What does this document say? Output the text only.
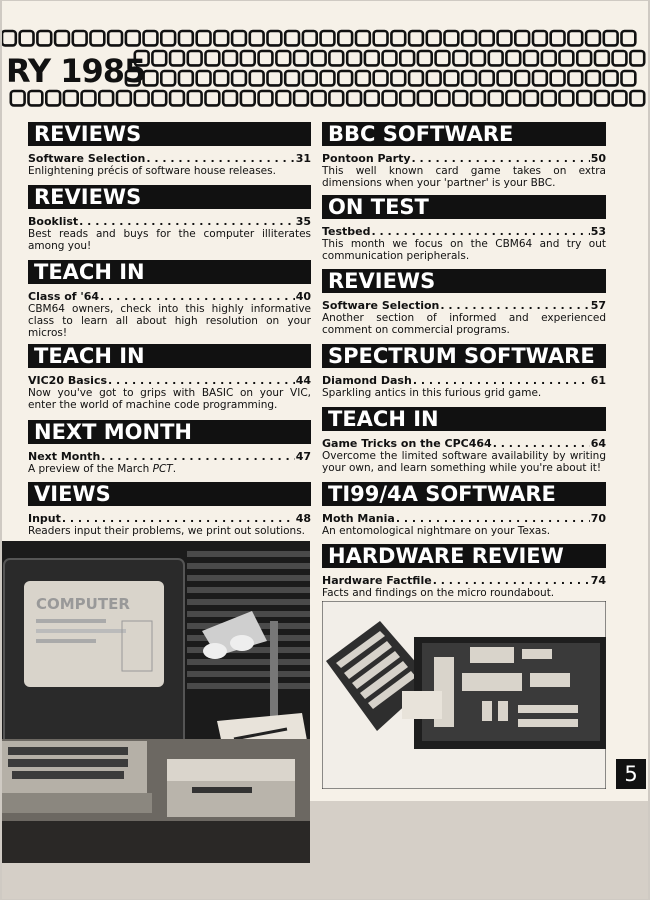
RY 1985
REVIEWS
Software Selection . . .	31
Enlightening précis of software house releases.
REVIEWS
Booklist . . .	35
Best reads and buys for the computer illiterates among you!
TEACH IN
Class of '64 . . .	40
CBM64 owners, check into this highly informative class to learn all about high resolution on your micros!
TEACH IN
VIC20 Basics . . .	44
Now you've got to grips with BASIC on your VIC, enter the world of machine code programming.
NEXT MONTH
Next Month . . .	47
A preview of the March PCT.
VIEWS
Input . . .	48
Readers input their problems, we print out solutions.
BBC SOFTWARE
Pontoon Party . . .	50
This well known card game takes on extra dimensions when your 'partner' is your BBC.
ON TEST
Testbed . . .	53
This month we focus on the CBM64 and try out communication peripherals.
REVIEWS
Software Selection . . .	57
Another section of informed and experienced comment on commercial programs.
SPECTRUM SOFTWARE
Diamond Dash . . .	61
Sparkling antics in this furious grid game.
TEACH IN
Game Tricks on the CPC464 . . .	64
Overcome the limited software availability by writing your own, and learn something while you're about it!
TI99/4A SOFTWARE
Moth Mania . . .	70
An entomological nightmare on your Texas.
HARDWARE REVIEW
Hardware Factfile . . .	74
Facts and findings on the micro roundabout.
COMPUTER
5
